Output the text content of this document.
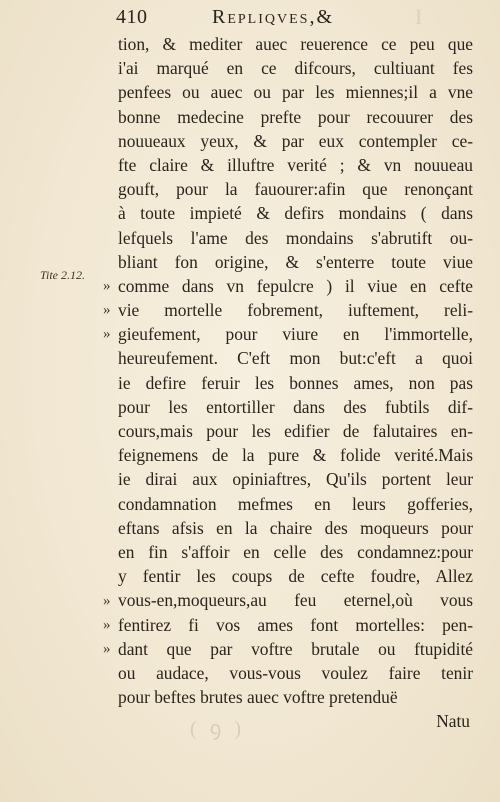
I
410	Repliqves,&
Tite 2.12.
»
»
»
»
»
»
tion, & mediter auec reuerence ce peu que
i'ai marqué en ce difcours, cultiuant fes
penfees ou auec ou par les miennes;il a vne
bonne medecine prefte pour recouurer des
nouueaux yeux, & par eux contempler ce-
fte claire & illuftre verité ; & vn nouueau
gouft, pour la fauourer:afin que renonçant
à toute impieté & defirs mondains ( dans
lefquels l'ame des mondains s'abrutift ou-
bliant fon origine, & s'enterre toute viue
comme dans vn fepulcre ) il viue en cefte
vie mortelle fobrement, iuftement, reli-
gieufement, pour viure en l'immortelle,
heureufement. C'eft mon but:c'eft a quoi
ie defire feruir les bonnes ames, non pas
pour les entortiller dans des fubtils dif-
cours,mais pour les edifier de falutaires en-
feignemens de la pure & folide verité.Mais
ie dirai aux opiniaftres, Qu'ils portent leur
condamnation mefmes en leurs gofferies,
eftans afsis en la chaire des moqueurs pour
en fin s'affoir en celle des condamnez:pour
y fentir les coups de cefte foudre, Allez
vous-en,moqueurs,au feu eternel,où vous
fentirez fi vos ames font mortelles: pen-
dant que par voftre brutale ou ftupidité
ou audace, vous-vous voulez faire tenir
pour beftes brutes auec voftre pretenduë
( ꝯ )	Natu
